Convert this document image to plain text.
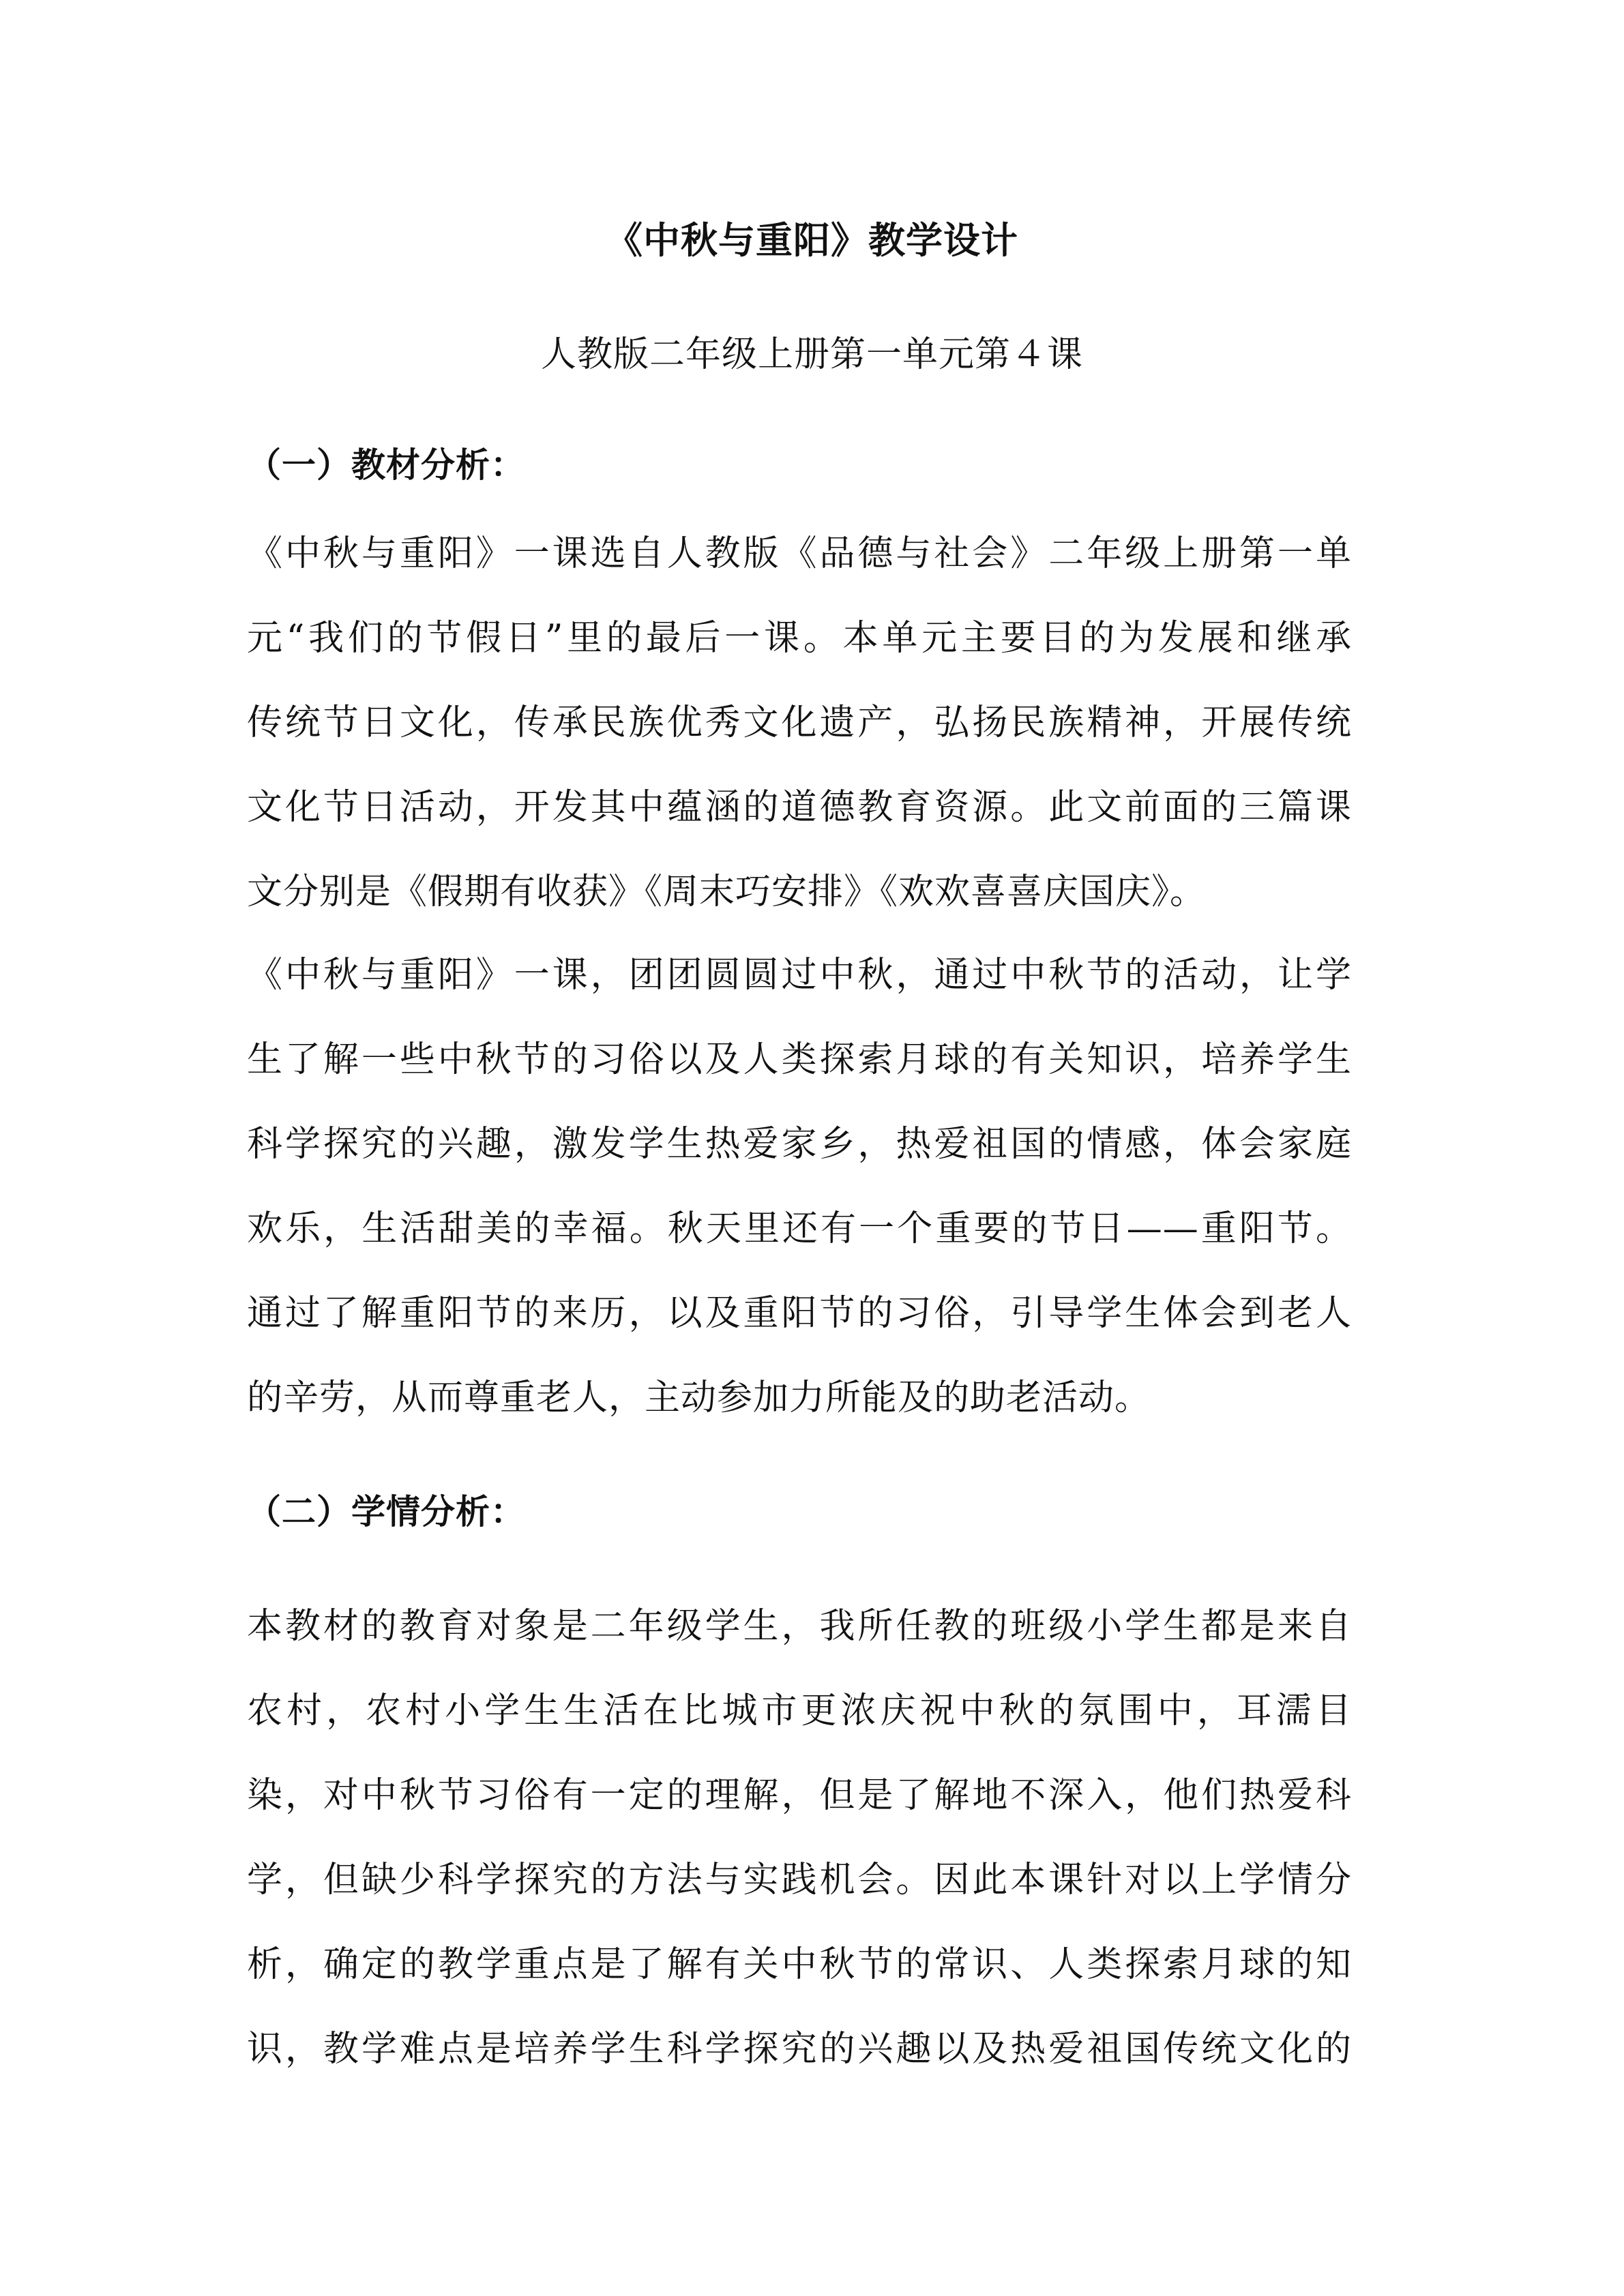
《中秋与重阳》教学设计
人教版二年级上册第一单元第４课
（一）教材分析：
《中秋与重阳》一课选自人教版《品德与社会》二年级上册第一单
元“我们的节假日”里的最后一课。本单元主要目的为发展和继承
传统节日文化，传承民族优秀文化遗产，弘扬民族精神，开展传统
文化节日活动，开发其中蕴涵的道德教育资源。此文前面的三篇课
文分别是《假期有收获》《周末巧安排》《欢欢喜喜庆国庆》。
《中秋与重阳》一课，团团圆圆过中秋，通过中秋节的活动，让学
生了解一些中秋节的习俗以及人类探索月球的有关知识，培养学生
科学探究的兴趣，激发学生热爱家乡，热爱祖国的情感，体会家庭
欢乐，生活甜美的幸福。秋天里还有一个重要的节日——重阳节。
通过了解重阳节的来历，以及重阳节的习俗，引导学生体会到老人
的辛劳，从而尊重老人，主动参加力所能及的助老活动。
（二）学情分析：
本教材的教育对象是二年级学生，我所任教的班级小学生都是来自
农村，农村小学生生活在比城市更浓庆祝中秋的氛围中，耳濡目
染，对中秋节习俗有一定的理解，但是了解地不深入，他们热爱科
学，但缺少科学探究的方法与实践机会。因此本课针对以上学情分
析，确定的教学重点是了解有关中秋节的常识、人类探索月球的知
识，教学难点是培养学生科学探究的兴趣以及热爱祖国传统文化的
